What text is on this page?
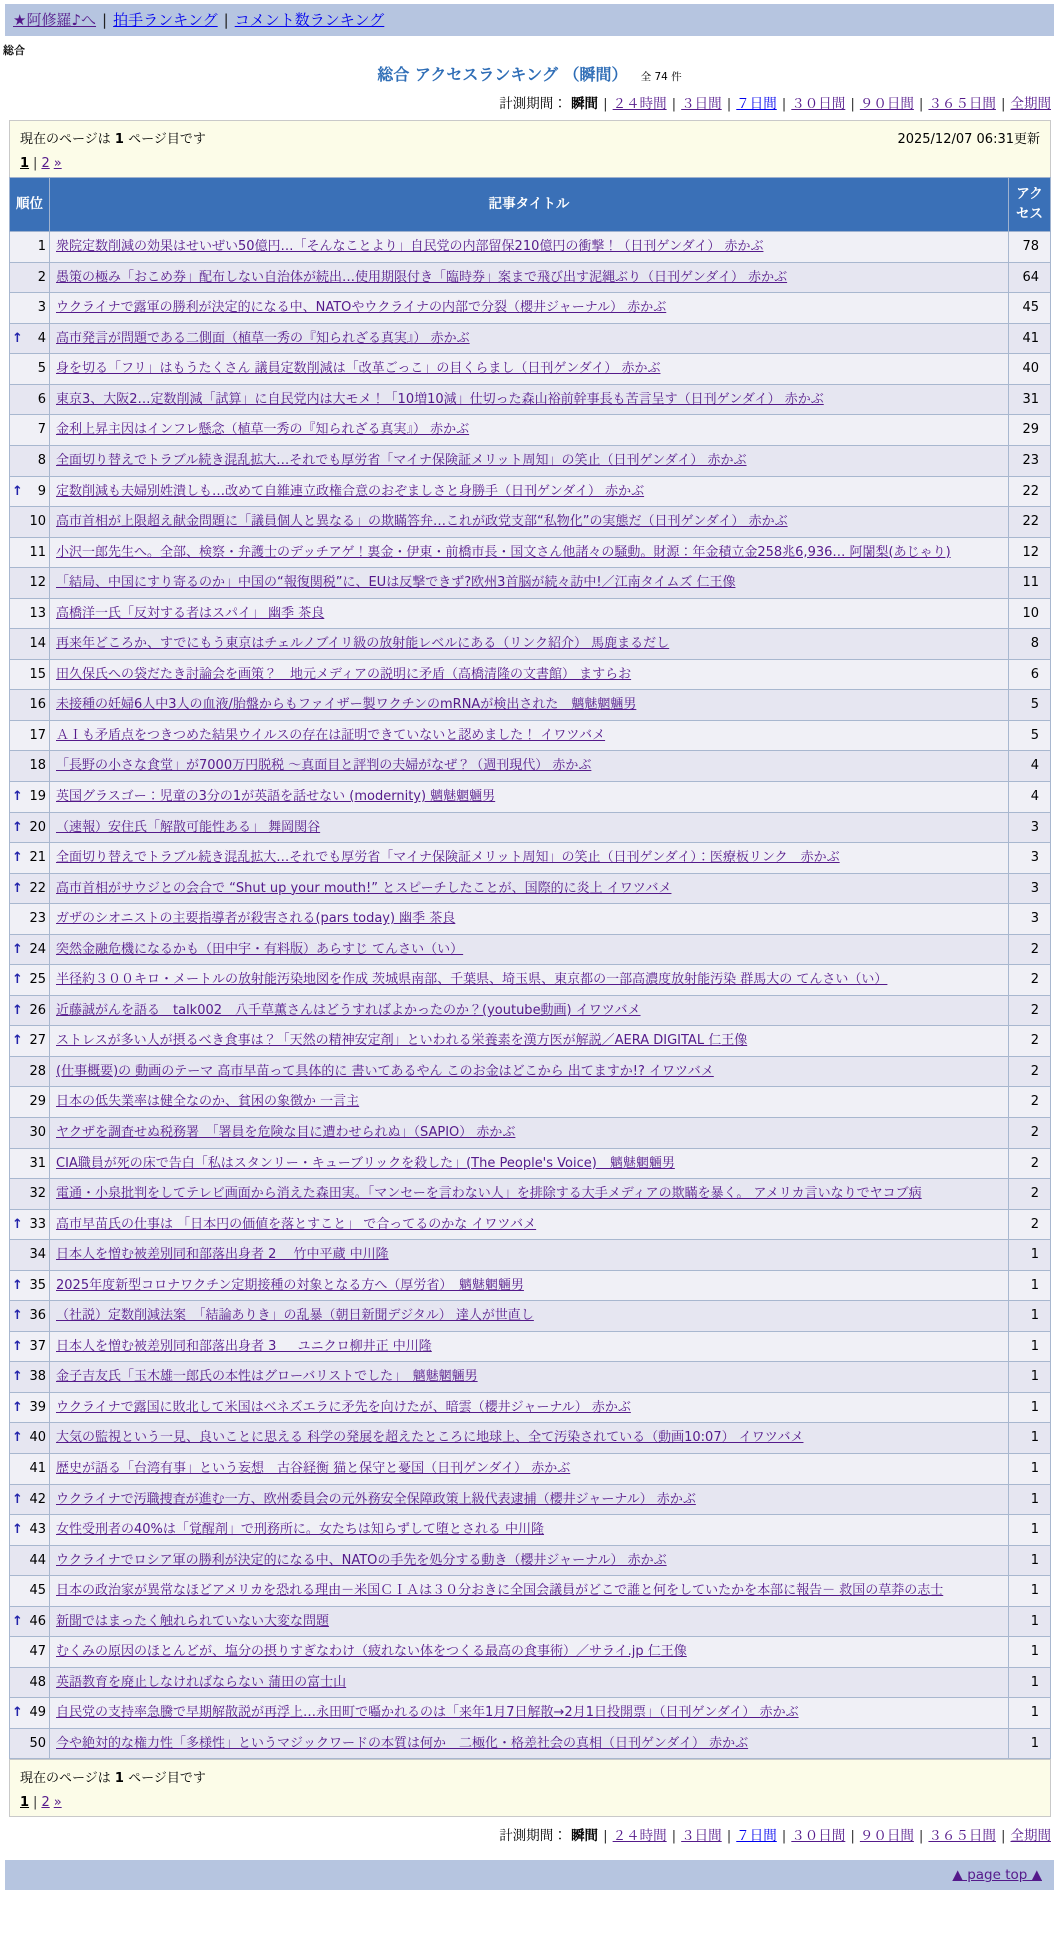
★阿修羅♪へ | 拍手ランキング | コメント数ランキング
総合
総合 アクセスランキング （瞬間） 全 74 件
計測期間： 瞬間 | ２４時間 | ３日間 | ７日間 | ３０日間 | ９０日間 | ３６５日間 | 全期間
現在のページは 1 ページ目です	2025/12/07 06:31更新
1 | 2 »
順位	記事タイトル	アクセス

1	衆院定数削減の効果はせいぜい50億円…「そんなことより」自民党の内部留保210億円の衝撃！（日刊ゲンダイ） 赤かぶ	78

2	愚策の極み「おこめ券」配布しない自治体が続出…使用期限付き「臨時券」案まで飛び出す泥縄ぶり（日刊ゲンダイ） 赤かぶ	64

3	ウクライナで露軍の勝利が決定的になる中、NATOやウクライナの内部で分裂（櫻井ジャーナル） 赤かぶ	45

↑ 4	高市発言が問題である二側面（植草一秀の『知られざる真実』） 赤かぶ	41

5	身を切る「フリ」はもうたくさん 議員定数削減は「改革ごっこ」の目くらまし（日刊ゲンダイ） 赤かぶ	40

6	東京3、大阪2…定数削減「試算」に自民党内は大モメ！「10増10減」仕切った森山裕前幹事長も苦言呈す（日刊ゲンダイ） 赤かぶ	31

7	金利上昇主因はインフレ懸念（植草一秀の『知られざる真実』） 赤かぶ	29

8	全面切り替えでトラブル続き混乱拡大…それでも厚労省「マイナ保険証メリット周知」の笑止（日刊ゲンダイ） 赤かぶ	23

↑ 9	定数削減も夫婦別姓潰しも…改めて自維連立政権合意のおぞましさと身勝手（日刊ゲンダイ） 赤かぶ	22

10	高市首相が上限超え献金問題に「議員個人と異なる」の欺瞞答弁…これが政党支部“私物化”の実態だ（日刊ゲンダイ） 赤かぶ	22

11	小沢一郎先生へ。全部、検察・弁護士のデッチアゲ！裏金・伊東・前橋市長・国文さん他諸々の騒動。財源：年金積立金258兆6,936… 阿闍梨(あじゃり)	12

12	「結局、中国にすり寄るのか」中国の“報復関税”に、EUは反撃できず?欧州3首脳が続々訪中!／江南タイムズ 仁王像	11

13	高橋洋一氏「反対する者はスパイ」 幽季 茶良	10

14	再来年どころか、すでにもう東京はチェルノブイリ級の放射能レベルにある（リンク紹介） 馬鹿まるだし	8

15	田久保氏への袋だたき討論会を画策？　地元メディアの説明に矛盾（高橋清隆の文書館） ますらお	6

16	未接種の妊婦6人中3人の血液/胎盤からもファイザー製ワクチンのmRNAが検出された　魑魅魍魎男	5

17	ＡＩも矛盾点をつきつめた結果ウイルスの存在は証明できていないと認めました！ イワツバメ	5

18	「長野の小さな食堂」が7000万円脱税 ～真面目と評判の夫婦がなぜ？（週刊現代） 赤かぶ	4

↑ 19	英国グラスゴー：児童の3分の1が英語を話せない (modernity) 魑魅魍魎男	4

↑ 20	（速報）安住氏「解散可能性ある」 舞岡関谷	3

↑ 21	全面切り替えでトラブル続き混乱拡大…それでも厚労省「マイナ保険証メリット周知」の笑止（日刊ゲンダイ）：医療板リンク　赤かぶ	3

↑ 22	高市首相がサウジとの会合で “Shut up your mouth!” とスピーチしたことが、国際的に炎上 イワツバメ	3

23	ガザのシオニストの主要指導者が殺害される(pars today) 幽季 茶良	3

↑ 24	突然金融危機になるかも（田中宇・有料版）あらすじ てんさい（い）	2

↑ 25	半径約３００キロ・メートルの放射能汚染地図を作成 茨城県南部、千葉県、埼玉県、東京都の一部高濃度放射能汚染 群馬大の てんさい（い）	2

↑ 26	近藤誠がんを語る　talk002　八千草薫さんはどうすればよかったのか？(youtube動画) イワツバメ	2

↑ 27	ストレスが多い人が摂るべき食事は？「天然の精神安定剤」といわれる栄養素を漢方医が解説／AERA DIGITAL 仁王像	2

28	(仕事概要)の 動画のテーマ 高市早苗って具体的に 書いてあるやん このお金はどこから 出てますか!? イワツバメ	2

29	日本の低失業率は健全なのか、貧困の象徴か 一言主	2

30	ヤクザを調査せぬ税務署　「署員を危険な目に遭わせられぬ」（SAPIO） 赤かぶ	2

31	CIA職員が死の床で告白「私はスタンリー・キューブリックを殺した」(The People's Voice)　魑魅魍魎男	2

32	電通・小泉批判をしてテレビ画面から消えた森田実。「マンセーを言わない人」を排除する大手メディアの欺瞞を暴く。 アメリカ言いなりでヤコブ病	2

↑ 33	高市早苗氏の仕事は 「日本円の価値を落とすこと」 で合ってるのかな イワツバメ	2

34	日本人を憎む被差別同和部落出身者 2 ＿竹中平蔵 中川隆	1

↑ 35	2025年度新型コロナワクチン定期接種の対象となる方へ（厚労省）　魑魅魍魎男	1

↑ 36	（社説）定数削減法案　「結論ありき」の乱暴（朝日新聞デジタル） 達人が世直し	1

↑ 37	日本人を憎む被差別同和部落出身者 3 ＿ ユニクロ柳井正 中川隆	1

↑ 38	金子吉友氏「玉木雄一郎氏の本性はグローバリストでした」　魑魅魍魎男	1

↑ 39	ウクライナで露国に敗北して米国はベネズエラに矛先を向けたが、暗雲（櫻井ジャーナル） 赤かぶ	1

↑ 40	大気の監視という一見、良いことに思える 科学の発展を超えたところに地球上、全て汚染されている（動画10:07） イワツバメ	1

41	歴史が語る「台湾有事」という妄想　古谷経衡 猫と保守と憂国（日刊ゲンダイ） 赤かぶ	1

↑ 42	ウクライナで汚職捜査が進む一方、欧州委員会の元外務安全保障政策上級代表逮捕（櫻井ジャーナル） 赤かぶ	1

↑ 43	女性受刑者の40%は「覚醒剤」で刑務所に。女たちは知らずして堕とされる 中川隆	1

44	ウクライナでロシア軍の勝利が決定的になる中、NATOの手先を処分する動き（櫻井ジャーナル） 赤かぶ	1

45	日本の政治家が異常なほどアメリカを恐れる理由－米国ＣＩＡは３０分おきに全国会議員がどこで誰と何をしていたかを本部に報告－ 救国の草莽の志士	1

↑ 46	新聞ではまったく触れられていない大変な問題	1

47	むくみの原因のほとんどが、塩分の摂りすぎなわけ（疲れない体をつくる最高の食事術）／サライ.jp 仁王像	1

48	英語教育を廃止しなければならない 蒲田の富士山	1

↑ 49	自民党の支持率急騰で早期解散説が再浮上…永田町で囁かれるのは「来年1月7日解散→2月1日投開票」（日刊ゲンダイ） 赤かぶ	1

50	今や絶対的な権力性「多様性」というマジックワードの本質は何か　二極化・格差社会の真相（日刊ゲンダイ） 赤かぶ	1
現在のページは 1 ページ目です
1 | 2 »
計測期間： 瞬間 | ２４時間 | ３日間 | ７日間 | ３０日間 | ９０日間 | ３６５日間 | 全期間
▲ page top ▲
